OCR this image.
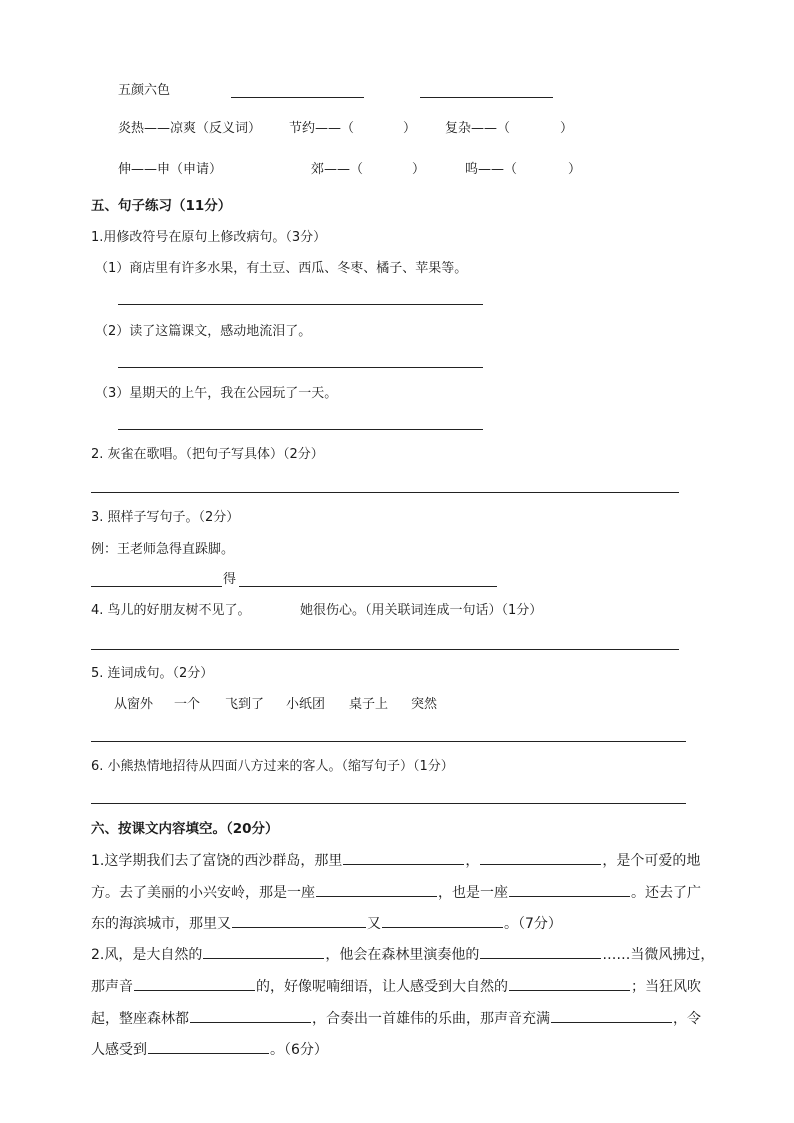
五颜六色
炎热——凉爽（反义词） 节约——（	） 复杂——（	）
伸——申（申请）	郊——（	）	呜——（	）
五、句子练习（11分）
1.用修改符号在原句上修改病句。（3分）
（1）商店里有许多水果，有土豆、西瓜、冬枣、橘子、苹果等。
（2）读了这篇课文，感动地流泪了。
（3）星期天的上午，我在公园玩了一天。
2. 灰雀在歌唱。（把句子写具体）（2分）
3. 照样子写句子。（2分）
例：王老师急得直跺脚。
得
4. 鸟儿的好朋友树不见了。	她很伤心。（用关联词连成一句话）（1分）
5. 连词成句。（2分）
从窗外 一个 飞到了 小纸团 桌子上 突然
6. 小熊热情地招待从四面八方过来的客人。（缩写句子）（1分）
六、按课文内容填空。（20分）
1.这学期我们去了富饶的西沙群岛，那里	，	，是个可爱的地
方。去了美丽的小兴安岭，那是一座	，也是一座	。还去了广
东的海滨城市，那里又	又	。（7分）
2.风，是大自然的	，他会在森林里演奏他的	……当微风拂过，
那声音	的，好像呢喃细语，让人感受到大自然的	；当狂风吹
起，整座森林都	，合奏出一首雄伟的乐曲，那声音充满	，令
人感受到	。（6分）
